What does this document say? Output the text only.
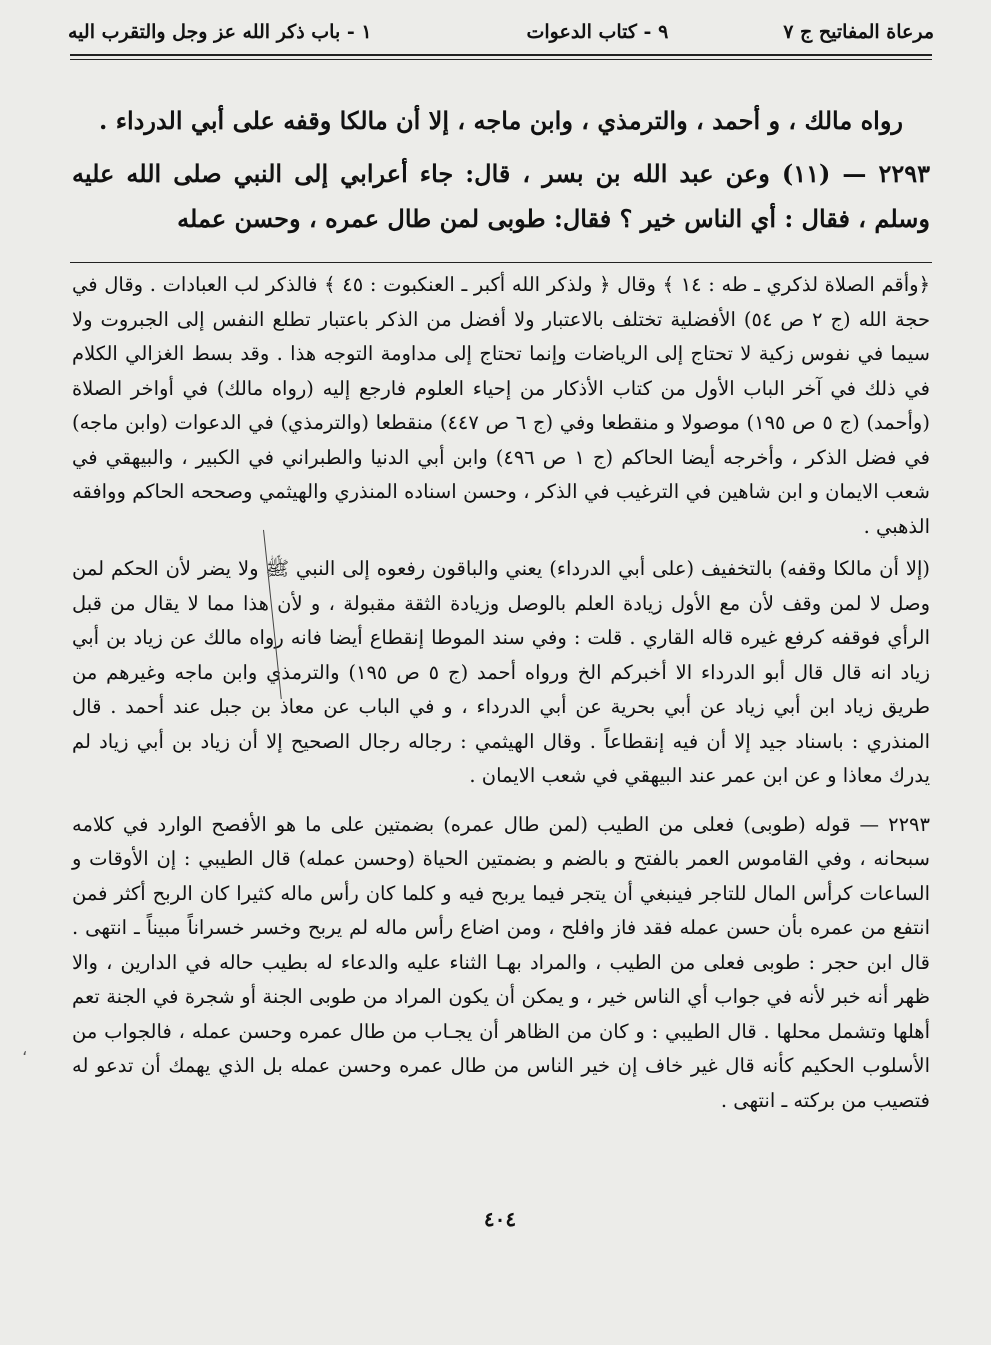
مرعاة المفاتيح ج ٧
٩ - كتاب الدعوات
١ - باب ذكر الله عز وجل والتقرب اليه

رواه مالك ، و أحمد ، والترمذي ، وابن ماجه ، إلا أن مالكا وقفه على أبي الدرداء .

٢٢٩٣ — (١١) وعن عبد الله بن بسر ، قال: جاء أعرابي إلى النبي صلى الله عليه وسلم ، فقال : أي الناس خير ؟ فقال: طوبى لمن طال عمره ، وحسن عمله

﴿وأقم الصلاة لذكري ـ طه : ١٤ ﴾ وقال ﴿ ولذكر الله أكبر ـ العنكبوت : ٤٥ ﴾ فالذكر لب العبادات . وقال في حجة الله (ج ٢ ص ٥٤) الأفضلية تختلف بالاعتبار ولا أفضل من الذكر باعتبار تطلع النفس إلى الجبروت ولا سيما في نفوس زكية لا تحتاج إلى الرياضات وإنما تحتاج إلى مداومة التوجه هذا . وقد بسط الغزالي الكلام في ذلك في آخر الباب الأول من كتاب الأذكار من إحياء العلوم فارجع إليه (رواه مالك) في أواخر الصلاة (وأحمد) (ج ٥ ص ١٩٥) موصولا و منقطعا وفي (ج ٦ ص ٤٤٧) منقطعا (والترمذي) في الدعوات (وابن ماجه) في فضل الذكر ، وأخرجه أيضا الحاكم (ج ١ ص ٤٩٦) وابن أبي الدنيا والطبراني في الكبير ، والبيهقي في شعب الايمان و ابن شاهين في الترغيب في الذكر ، وحسن اسناده المنذري والهيثمي وصححه الحاكم ووافقه الذهبي .

(إلا أن مالكا وقفه) بالتخفيف (على أبي الدرداء) يعني والباقون رفعوه إلى النبي ﷺ ولا يضر لأن الحكم لمن وصل لا لمن وقف لأن مع الأول زيادة العلم بالوصل وزيادة الثقة مقبولة ، و لأن هذا مما لا يقال من قبل الرأي فوقفه كرفع غيره قاله القاري . قلت : وفي سند الموطا إنقطاع أيضا فانه رواه مالك عن زياد بن أبي زياد انه قال قال أبو الدرداء الا أخبركم الخ ورواه أحمد (ج ٥ ص ١٩٥) والترمذي وابن ماجه وغيرهم من طريق زياد ابن أبي زياد عن أبي بحرية عن أبي الدرداء ، و في الباب عن معاذ بن جبل عند أحمد . قال المنذري : باسناد جيد إلا أن فيه إنقطاعاً . وقال الهيثمي : رجاله رجال الصحيح إلا أن زياد بن أبي زياد لم يدرك معاذا و عن ابن عمر عند البيهقي في شعب الايمان .

٢٢٩٣ — قوله (طوبى) فعلى من الطيب (لمن طال عمره) بضمتين على ما هو الأفصح الوارد في كلامه سبحانه ، وفي القاموس العمر بالفتح و بالضم و بضمتين الحياة (وحسن عمله) قال الطيبي : إن الأوقات و الساعات كرأس المال للتاجر فينبغي أن يتجر فيما يربح فيه و كلما كان رأس ماله كثيرا كان الربح أكثر فمن انتفع من عمره بأن حسن عمله فقد فاز وافلح ، ومن اضاع رأس ماله لم يربح وخسر خسراناً مبيناً ـ انتهى . قال ابن حجر : طوبى فعلى من الطيب ، والمراد بهـا الثناء عليه والدعاء له بطيب حاله في الدارين ، والا ظهر أنه خبر لأنه في جواب أي الناس خير ، و يمكن أن يكون المراد من طوبى الجنة أو شجرة في الجنة تعم أهلها وتشمل محلها . قال الطيبي : و كان من الظاهر أن يجـاب من طال عمره وحسن عمله ، فالجواب من الأسلوب الحكيم كأنه قال غير خاف إن خير الناس من طال عمره وحسن عمله بل الذي يهمك أن تدعو له فتصيب من بركته ـ انتهى .

،
٤٠٤
